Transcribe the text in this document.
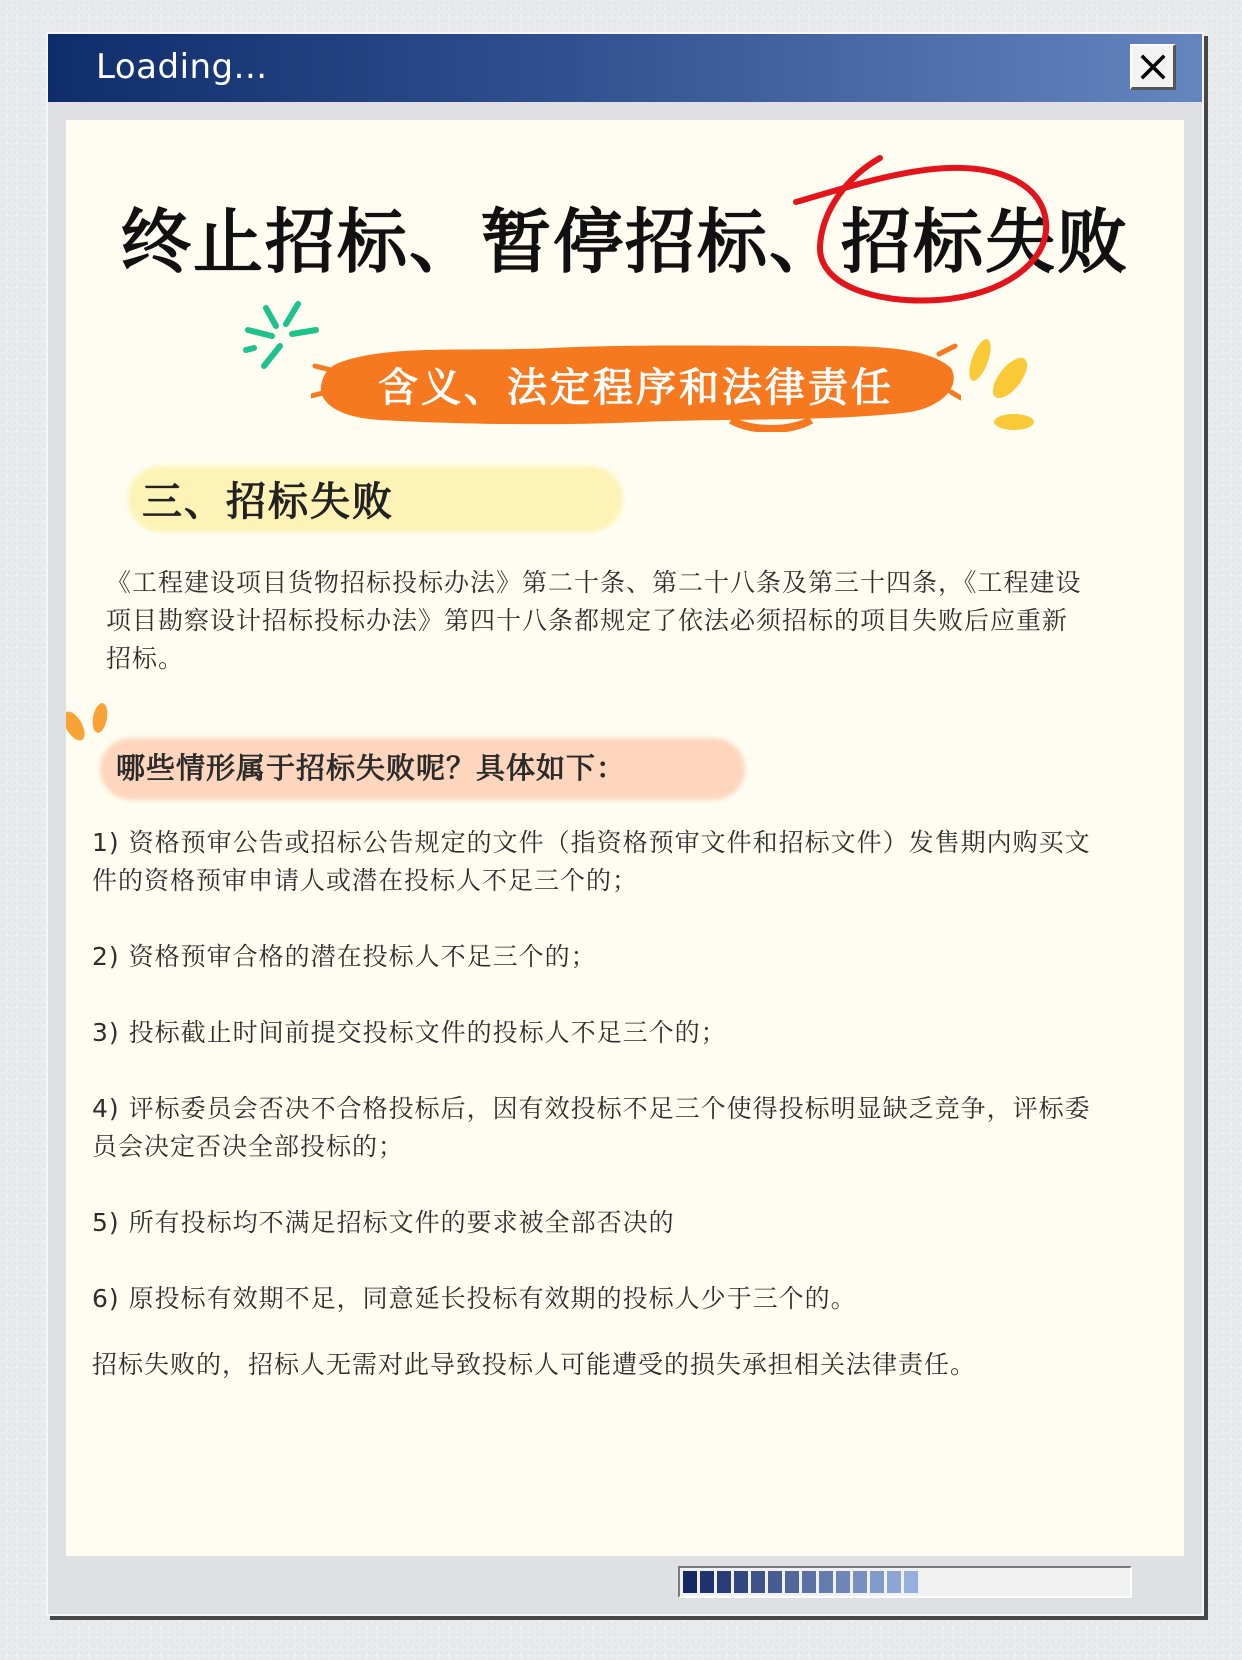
Loading...
终止招标、暂停招标、招标失败
含义、法定程序和法律责任
三、招标失败
《工程建设项目货物招标投标办法》第二十条、第二十八条及第三十四条，《工程建设项目勘察设计招标投标办法》第四十八条都规定了依法必须招标的项目失败后应重新招标。
哪些情形属于招标失败呢？具体如下：
1) 资格预审公告或招标公告规定的文件（指资格预审文件和招标文件）发售期内购买文件的资格预审申请人或潜在投标人不足三个的；
2) 资格预审合格的潜在投标人不足三个的；
3) 投标截止时间前提交投标文件的投标人不足三个的；
4) 评标委员会否决不合格投标后，因有效投标不足三个使得投标明显缺乏竞争，评标委员会决定否决全部投标的；
5) 所有投标均不满足招标文件的要求被全部否决的
6) 原投标有效期不足，同意延长投标有效期的投标人少于三个的。
招标失败的，招标人无需对此导致投标人可能遭受的损失承担相关法律责任。
